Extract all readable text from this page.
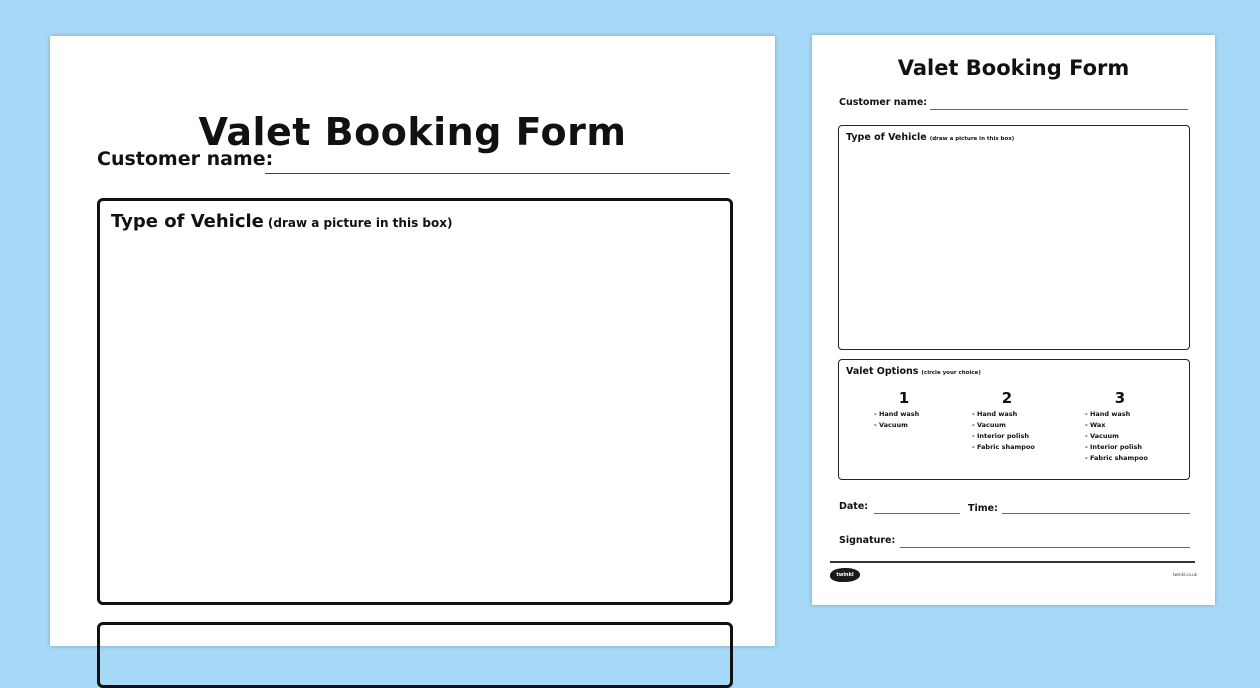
Valet Booking Form
Customer name:
Type of Vehicle (draw a picture in this box)
Valet Booking Form
Customer name:
Type of Vehicle (draw a picture in this box)
Valet Options (circle your choice)
1
- Hand wash
- Vacuum
2
- Hand wash
- Vacuum
- Interior polish
- Fabric shampoo
3
- Hand wash
- Wax
- Vacuum
- Interior polish
- Fabric shampoo
Date:	Time:
Signature:
twinkl	twinkl.co.uk
